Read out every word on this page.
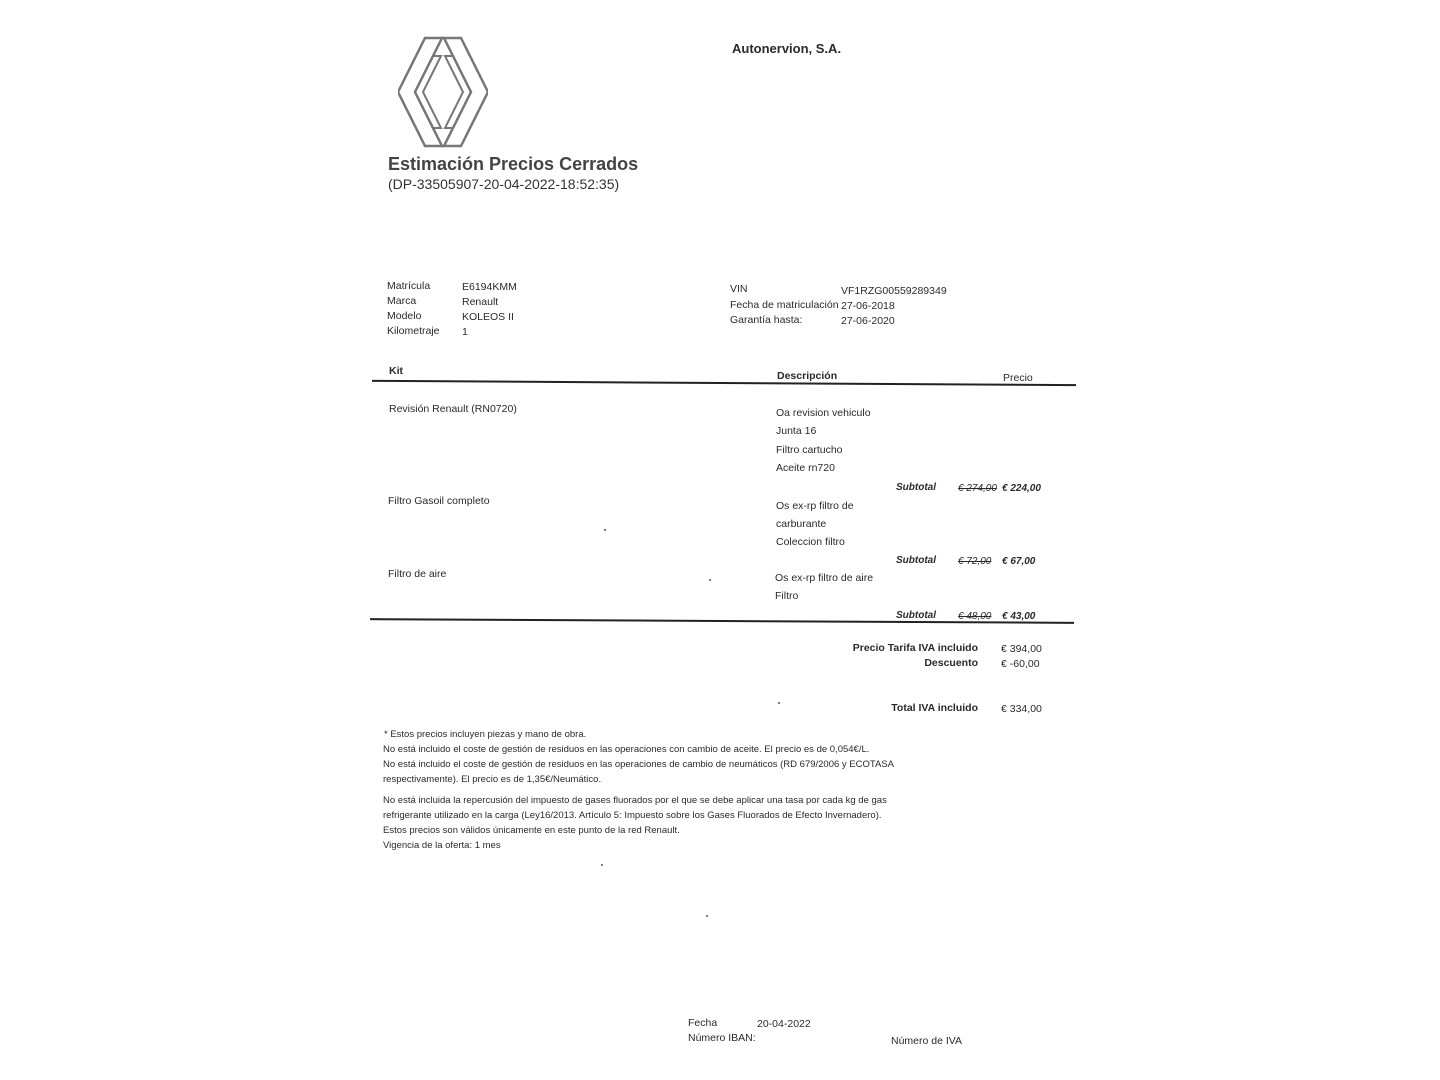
Autonervion, S.A.
Estimación Precios Cerrados
(DP-33505907-20-04-2022-18:52:35)
Matrícula	E6194KMM
Marca	Renault
Modelo	KOLEOS II
Kilometraje 1
VIN	VF1RZG00559289349
Fecha de matriculación 27-06-2018
Garantía hasta:	27-06-2020
Kit	Descripción	Precio
Revisión Renault (RN0720)	Oa revision vehiculo
Junta 16
Filtro cartucho
Aceite rn720
Subtotal € 274,00 € 224,00
Filtro Gasoil completo	Os ex-rp filtro de
carburante
Coleccion filtro
Subtotal € 72,00 € 67,00
Filtro de aire	Os ex-rp filtro de aire
Filtro
Subtotal € 48,00 € 43,00
Precio Tarifa IVA incluido € 394,00
Descuento € -60,00
Total IVA incluido € 334,00
* Estos precios incluyen piezas y mano de obra.
No está incluido el coste de gestión de residuos en las operaciones con cambio de aceite. El precio es de 0,054€/L.
No está incluido el coste de gestión de residuos en las operaciones de cambio de neumáticos (RD 679/2006 y ECOTASA
respectivamente). El precio es de 1,35€/Neumático.
No está incluida la repercusión del impuesto de gases fluorados por el que se debe aplicar una tasa por cada kg de gas
refrigerante utilizado en la carga (Ley16/2013. Artículo 5: Impuesto sobre los Gases Fluorados de Efecto Invernadero).
Estos precios son válidos únicamente en este punto de la red Renault.
Vigencia de la oferta: 1 mes
Fecha	20-04-2022
Número IBAN:	Número de IVA
